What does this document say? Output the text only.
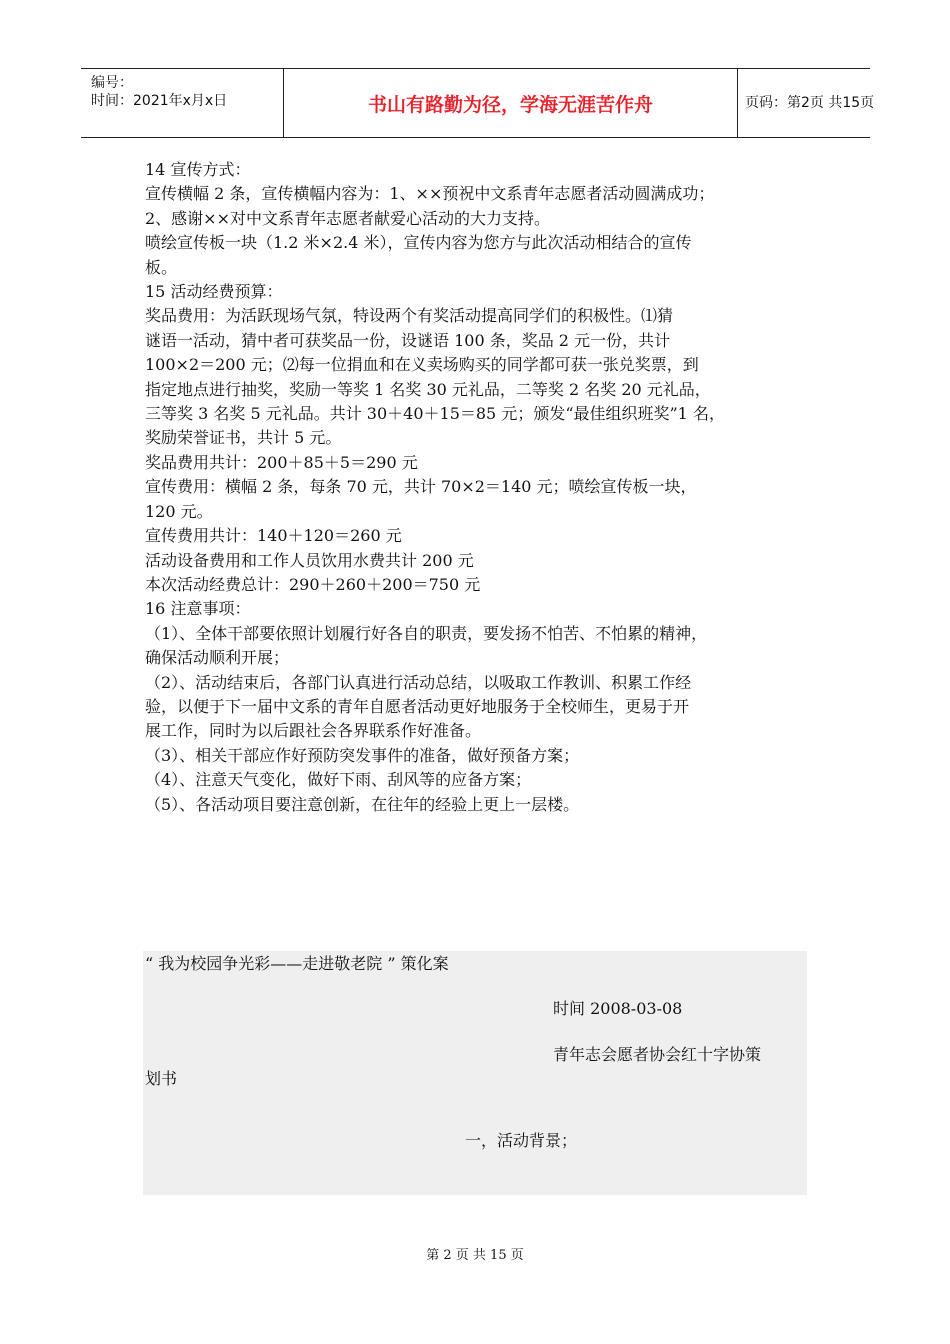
编号：
时间：2021年x月x日	书山有路勤为径，学海无涯苦作舟	页码：第2页 共15页
14 宣传方式：
宣传横幅 2 条，宣传横幅内容为：1、××预祝中文系青年志愿者活动圆满成功；
2、感谢××对中文系青年志愿者献爱心活动的大力支持。
喷绘宣传板一块（1.2 米×2.4 米），宣传内容为您方与此次活动相结合的宣传
板。
15 活动经费预算：
奖品费用：为活跃现场气氛，特设两个有奖活动提高同学们的积极性。⑴猜
谜语一活动，猜中者可获奖品一份，设谜语 100 条，奖品 2 元一份，共计
100×2＝200 元；⑵每一位捐血和在义卖场购买的同学都可获一张兑奖票，到
指定地点进行抽奖，奖励一等奖 1 名奖 30 元礼品，二等奖 2 名奖 20 元礼品，
三等奖 3 名奖 5 元礼品。共计 30＋40＋15＝85 元；颁发“最佳组织班奖”1 名，
奖励荣誉证书，共计 5 元。
奖品费用共计：200＋85＋5＝290 元
宣传费用：横幅 2 条，每条 70 元，共计 70×2＝140 元；喷绘宣传板一块，
120 元。
宣传费用共计：140＋120＝260 元
活动设备费用和工作人员饮用水费共计 200 元
本次活动经费总计：290＋260＋200＝750 元
16 注意事项：
（1）、全体干部要依照计划履行好各自的职责，要发扬不怕苦、不怕累的精神，
确保活动顺利开展；
（2）、活动结束后，各部门认真进行活动总结，以吸取工作教训、积累工作经
验，以便于下一届中文系的青年自愿者活动更好地服务于全校师生，更易于开
展工作，同时为以后跟社会各界联系作好准备。
（3）、相关干部应作好预防突发事件的准备，做好预备方案；
（4）、注意天气变化，做好下雨、刮风等的应备方案；
（5）、各活动项目要注意创新，在往年的经验上更上一层楼。
“ 我为校园争光彩——走进敬老院 ” 策化案
时间 2008-03-08
青年志会愿者协会红十字协策
划书
一，活动背景；
第 2 页 共 15 页
